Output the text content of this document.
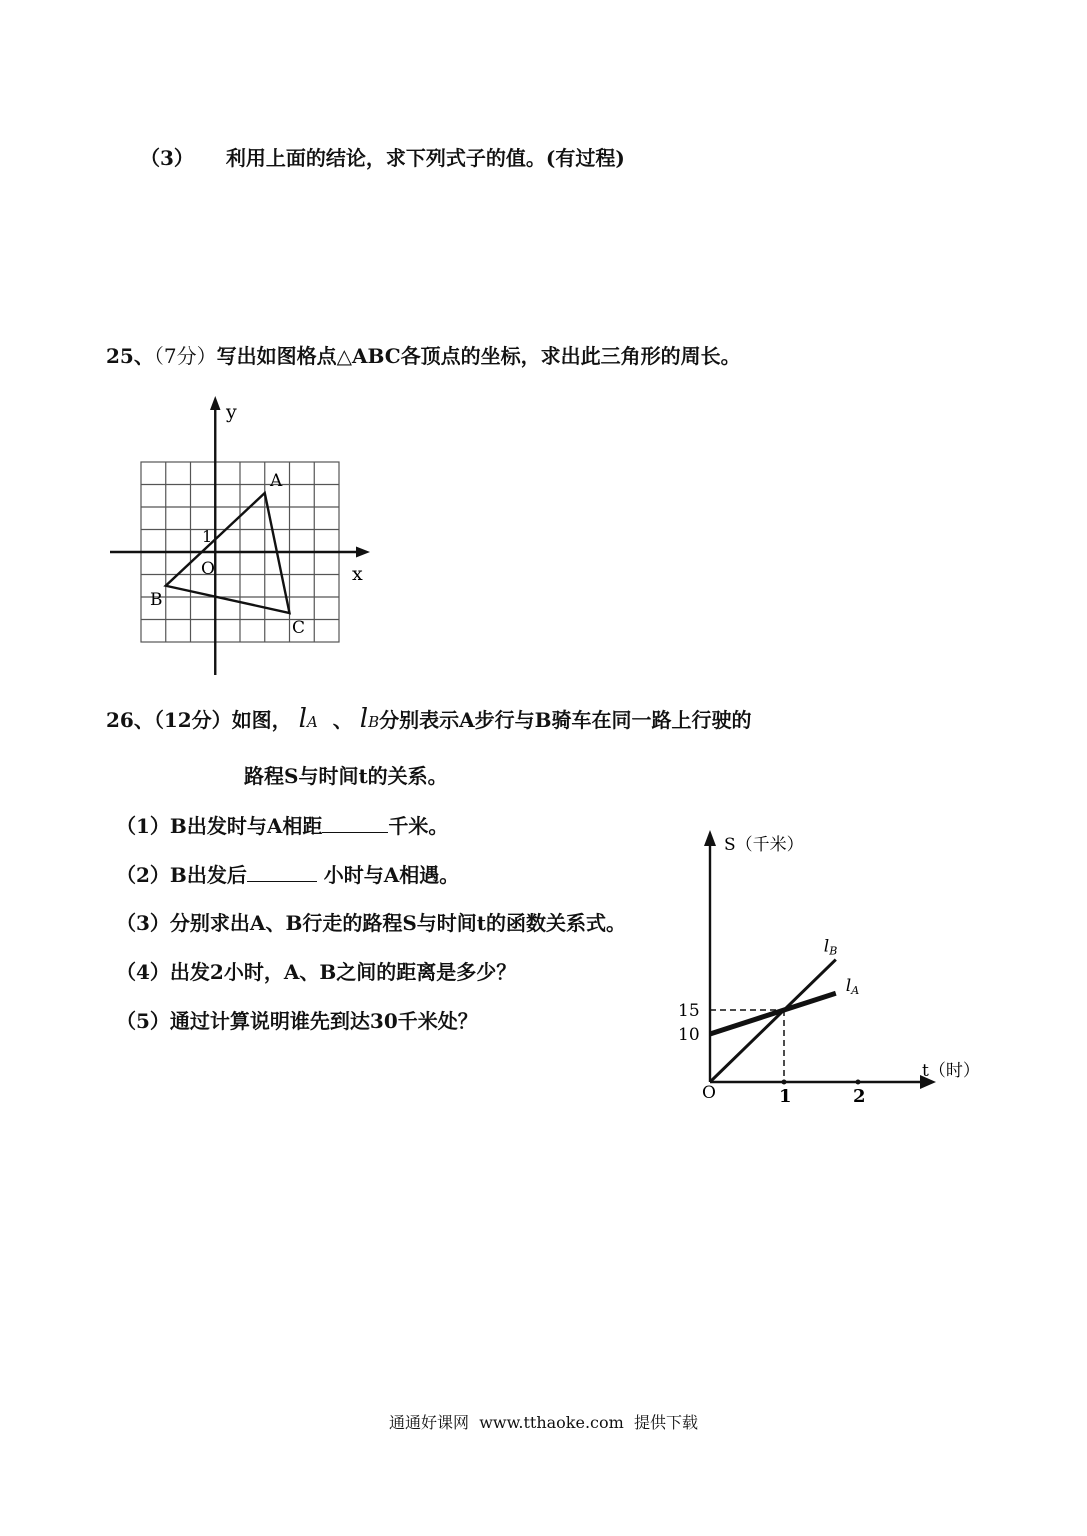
（3） 利用上面的结论，求下列式子的值。(有过程)
25、（7分）写出如图格点△ABC各顶点的坐标，求出此三角形的周长。
y
x
O
1
A
B
C
26、（12分）如图， lA 、 lB分别表示A步行与B骑车在同一路上行驶的
路程S与时间t的关系。
（1）B出发时与A相距	千米。
（2）B出发后	小时与A相遇。
（3）分别求出A、B行走的路程S与时间t的函数关系式。
（4）出发2小时，A、B之间的距离是多少？
（5）通过计算说明谁先到达30千米处？
S（千米）
t（时）
O
10
15
1	2
lA
lB
通通好课网 www.tthaoke.com 提供下载
